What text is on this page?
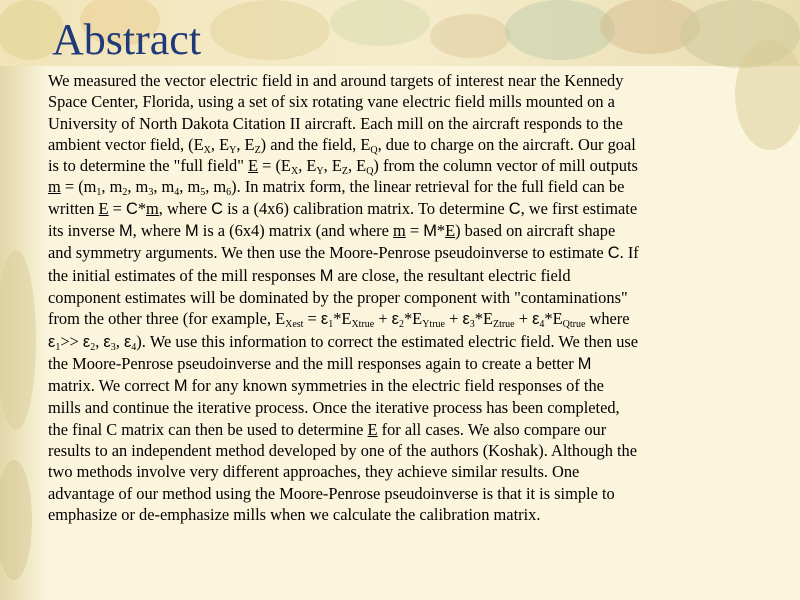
Abstract
We measured the vector electric field in and around targets of interest near the Kennedy
Space Center, Florida, using a set of six rotating vane electric field mills mounted on a
University of North Dakota Citation II aircraft. Each mill on the aircraft responds to the
ambient vector field, ($E_X$, $E_Y$, $E_Z$) and the field, $E_Q$, due to charge on the aircraft. Our goal
is to determine the "full field" $E = (E_X$, $E_Y$, $E_Z$, $E_Q$) from the column vector of mill outputs
$m = (m_1$, $m_2$, $m_3$, $m_4$, $m_5$, $m_6$). In matrix form, the linear retrieval for the full field can be
written E = C*m, where C is a (4x6) calibration matrix. To determine C, we first estimate
its inverse M, where M is a (6x4) matrix (and where m = M*E) based on aircraft shape
and symmetry arguments. We then use the Moore-Penrose pseudoinverse to estimate C. If
the initial estimates of the mill responses M are close, the resultant electric field
component estimates will be dominated by the proper component with "contaminations"
from the other three (for example, $E_{Xest} = \varepsilon_1*E_{Xtrue} + \varepsilon_2*E_{Ytrue} + \varepsilon_3*E_{Ztrue} + \varepsilon_4*E_{Qtrue}$ where
$\varepsilon_1>> \varepsilon_2$, $\varepsilon_3$, $\varepsilon_4$). We use this information to correct the estimated electric field. We then use
the Moore-Penrose pseudoinverse and the mill responses again to create a better M
matrix. We correct M for any known symmetries in the electric field responses of the
mills and continue the iterative process. Once the iterative process has been completed,
the final C matrix can then be used to determine E for all cases. We also compare our
results to an independent method developed by one of the authors (Koshak). Although the
two methods involve very different approaches, they achieve similar results. One
advantage of our method using the Moore-Penrose pseudoinverse is that it is simple to
emphasize or de-emphasize mills when we calculate the calibration matrix.
